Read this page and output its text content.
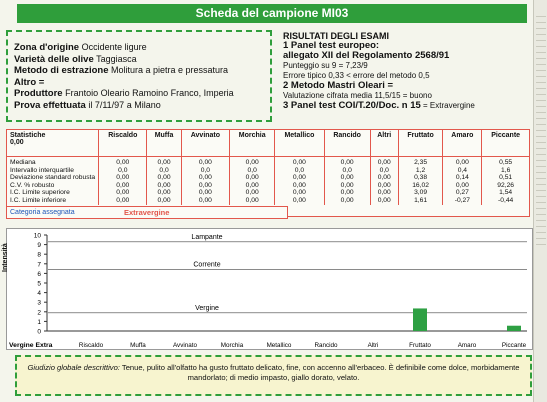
Scheda del campione MI03
Zona d'origine Occidente ligure
Varietà delle olive Taggiasca
Metodo di estrazione Molitura a pietra e pressatura
Altro =
Produttore Frantoio Oleario Ramoino Franco, Imperia
Prova effettuata il 7/11/97 a Milano
RISULTATI DEGLI ESAMI
1 Panel test europeo:
allegato XII del Regolamento 2568/91
Punteggio su 9 = 7,23/9
Errore tipico 0,33 < errore del metodo 0,5
2 Metodo Mastri Oleari =
Valutazione cifrata media 11,5/15 = buono
3 Panel test COI/T.20/Doc. n 15 = Extravergine
Statistiche
0,00	Riscaldo	Muffa	Avvinato	Morchia	Metallico	Rancido	Altri	Fruttato	Amaro	Piccante
Mediana	0,00	0,00	0,00	0,00	0,00	0,00	0,00	2,35	0,00	0,55
Intervallo interquartile	0,0	0,0	0,0	0,0	0,0	0,0	0,0	1,2	0,4	1,6
Deviazione standard robusta	0,00	0,00	0,00	0,00	0,00	0,00	0,00	0,38	0,14	0,51
C.V. % robusto	0,00	0,00	0,00	0,00	0,00	0,00	0,00	16,02	0,00	92,26
I.C. Limite superiore	0,00	0,00	0,00	0,00	0,00	0,00	0,00	3,09	0,27	1,54
I.C. Limite inferiore	0,00	0,00	0,00	0,00	0,00	0,00	0,00	1,61	-0,27	-0,44
Categoria assegnata	Extravergine
0
1
2
3
4
5
6
7
8
9
10	Lampante
Corrente
Vergine
Riscaldo	Muffa	Avvinato	Morchia	Metallico	Rancido	Altri	Fruttato	Amaro	Piccante
Vergine Extra
Intensità
Giudizio globale descrittivo: Tenue, pulito all'olfatto ha gusto fruttato delicato, fine, con accenno all'erbaceo. È definibile come dolce, morbidamente mandorlato; di medio impasto, giallo dorato, velato.
